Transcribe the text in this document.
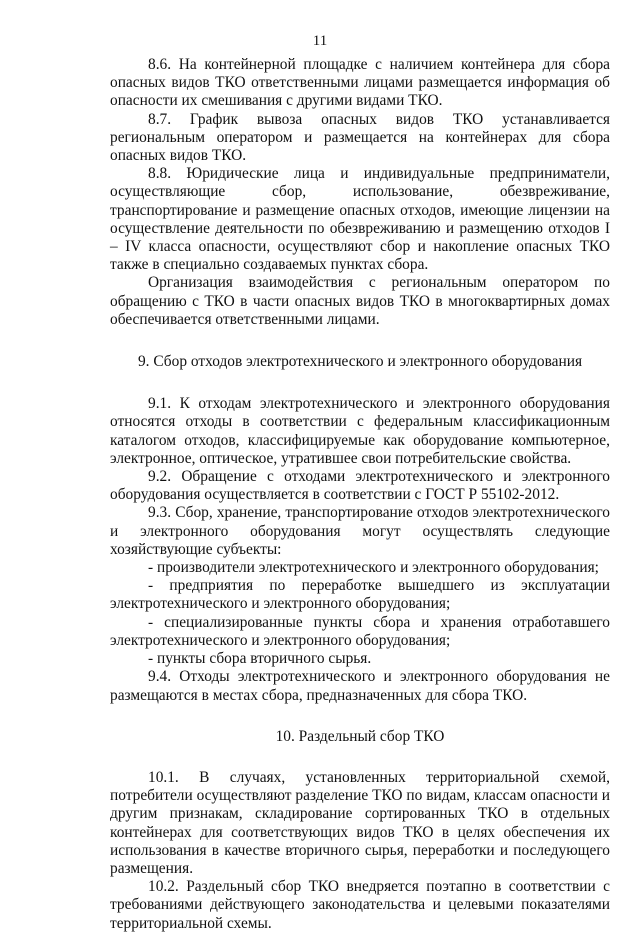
11

8.6. На контейнерной площадке с наличием контейнера для сбора опасных видов ТКО ответственными лицами размещается информация об опасности их смешивания с другими видами ТКО.

8.7. График вывоза опасных видов ТКО устанавливается региональным оператором и размещается на контейнерах для сбора опасных видов ТКО.

8.8. Юридические лица и индивидуальные предприниматели, осуществляющие сбор, использование, обезвреживание, транспортирование и размещение опасных отходов, имеющие лицензии на осуществление деятельности по обезвреживанию и размещению отходов I – IV класса опасности, осуществляют сбор и накопление опасных ТКО также в специально создаваемых пунктах сбора.

Организация взаимодействия с региональным оператором по обращению с ТКО в части опасных видов ТКО в многоквартирных домах обеспечивается ответственными лицами.

9. Сбор отходов электротехнического и электронного оборудования

9.1. К отходам электротехнического и электронного оборудования относятся отходы в соответствии с федеральным классификационным каталогом отходов, классифицируемые как оборудование компьютерное, электронное, оптическое, утратившее свои потребительские свойства.

9.2. Обращение с отходами электротехнического и электронного оборудования осуществляется в соответствии с ГОСТ Р 55102-2012.

9.3. Сбор, хранение, транспортирование отходов электротехнического и электронного оборудования могут осуществлять следующие хозяйствующие субъекты:

- производители электротехнического и электронного оборудования;

- предприятия по переработке вышедшего из эксплуатации электротехнического и электронного оборудования;

- специализированные пункты сбора и хранения отработавшего электротехнического и электронного оборудования;

- пункты сбора вторичного сырья.

9.4. Отходы электротехнического и электронного оборудования не размещаются в местах сбора, предназначенных для сбора ТКО.

10. Раздельный сбор ТКО

10.1. В случаях, установленных территориальной схемой, потребители осуществляют разделение ТКО по видам, классам опасности и другим признакам, складирование сортированных ТКО в отдельных контейнерах для соответствующих видов ТКО в целях обеспечения их использования в качестве вторичного сырья, переработки и последующего размещения.

10.2. Раздельный сбор ТКО внедряется поэтапно в соответствии с требованиями действующего законодательства и целевыми показателями территориальной схемы.
